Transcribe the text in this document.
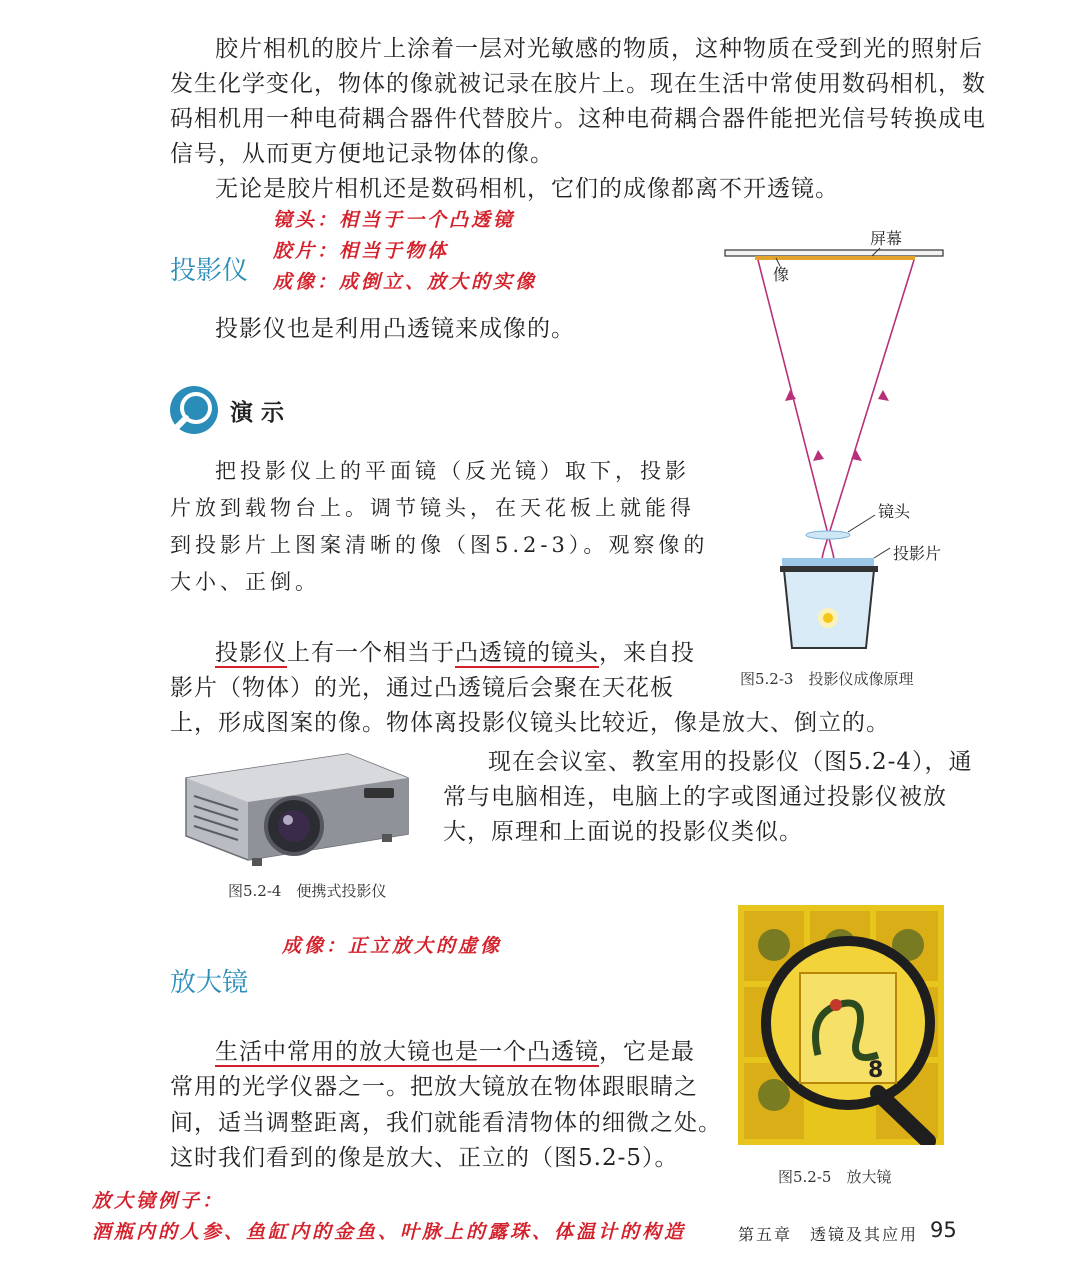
胶片相机的胶片上涂着一层对光敏感的物质，这种物质在受到光的照射后
发生化学变化，物体的像就被记录在胶片上。现在生活中常使用数码相机，数
码相机用一种电荷耦合器件代替胶片。这种电荷耦合器件能把光信号转换成电
信号，从而更方便地记录物体的像。
无论是胶片相机还是数码相机，它们的成像都离不开透镜。
镜头：相当于一个凸透镜
胶片：相当于物体
成像：成倒立、放大的实像
投影仪
投影仪也是利用凸透镜来成像的。
演 示
把投影仪上的平面镜（反光镜）取下，投影
片放到载物台上。调节镜头，在天花板上就能得
到投影片上图案清晰的像（图5.2-3）。观察像的
大小、正倒。
投影仪上有一个相当于凸透镜的镜头，来自投
影片（物体）的光，通过凸透镜后会聚在天花板
上，形成图案的像。物体离投影仪镜头比较近，像是放大、倒立的。
现在会议室、教室用的投影仪（图5.2-4），通
常与电脑相连，电脑上的字或图通过投影仪被放
大，原理和上面说的投影仪类似。
屏幕
像
镜头
投影片
图5.2-3　投影仪成像原理
图5.2-4　便携式投影仪
成像：正立放大的虚像
放大镜
生活中常用的放大镜也是一个凸透镜，它是最
常用的光学仪器之一。把放大镜放在物体跟眼睛之
间，适当调整距离，我们就能看清物体的细微之处。
这时我们看到的像是放大、正立的（图5.2-5）。
8
图5.2-5　放大镜
放大镜例子：
酒瓶内的人参、鱼缸内的金鱼、叶脉上的露珠、体温计的构造	第五章　透镜及其应用 95
